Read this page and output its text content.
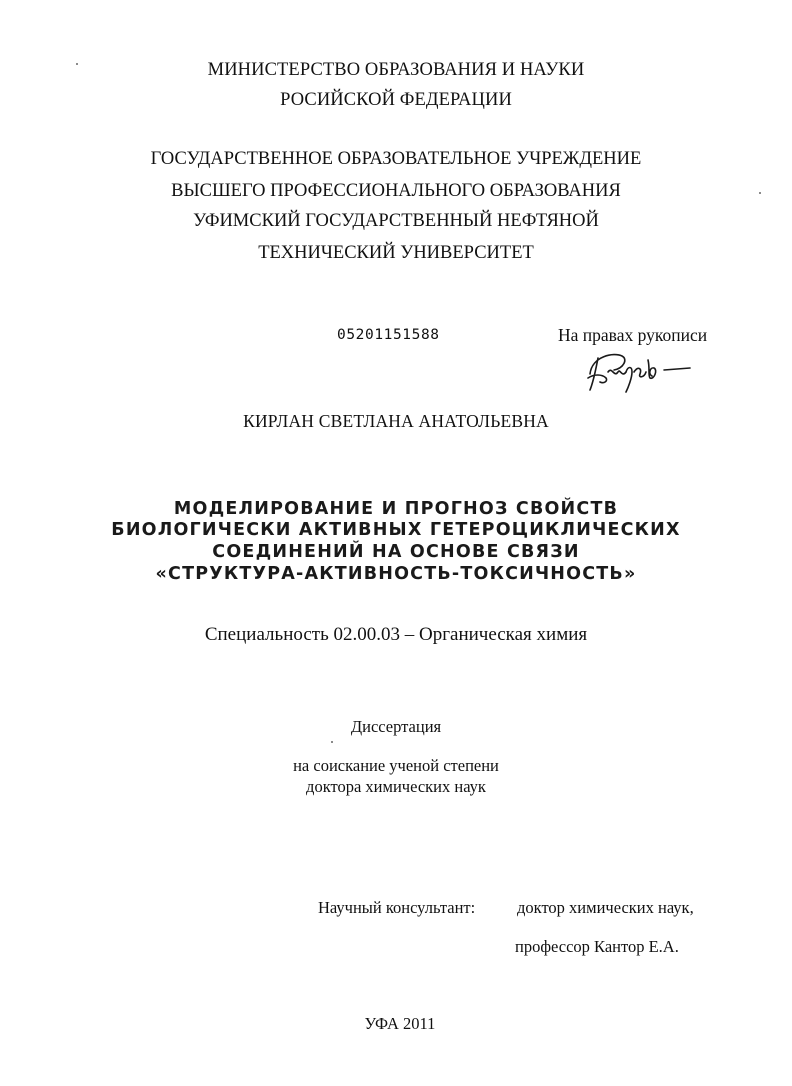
МИНИСТЕРСТВО ОБРАЗОВАНИЯ И НАУКИ
РОСИЙСКОЙ ФЕДЕРАЦИИ
ГОСУДАРСТВЕННОЕ ОБРАЗОВАТЕЛЬНОЕ УЧРЕЖДЕНИЕ
ВЫСШЕГО ПРОФЕССИОНАЛЬНОГО ОБРАЗОВАНИЯ
УФИМСКИЙ ГОСУДАРСТВЕННЫЙ НЕФТЯНОЙ
ТЕХНИЧЕСКИЙ УНИВЕРСИТЕТ
05201151588	На правах рукописи
КИРЛАН СВЕТЛАНА АНАТОЛЬЕВНА
МОДЕЛИРОВАНИЕ И ПРОГНОЗ СВОЙСТВ
БИОЛОГИЧЕСКИ АКТИВНЫХ ГЕТЕРОЦИКЛИЧЕСКИХ
СОЕДИНЕНИЙ НА ОСНОВЕ СВЯЗИ
«СТРУКТУРА-АКТИВНОСТЬ-ТОКСИЧНОСТЬ»
Специальность 02.00.03 – Органическая химия
Диссертация
на соискание ученой степени
доктора химических наук
Научный консультант:	доктор химических наук,
профессор Кантор Е.А.
УФА 2011
